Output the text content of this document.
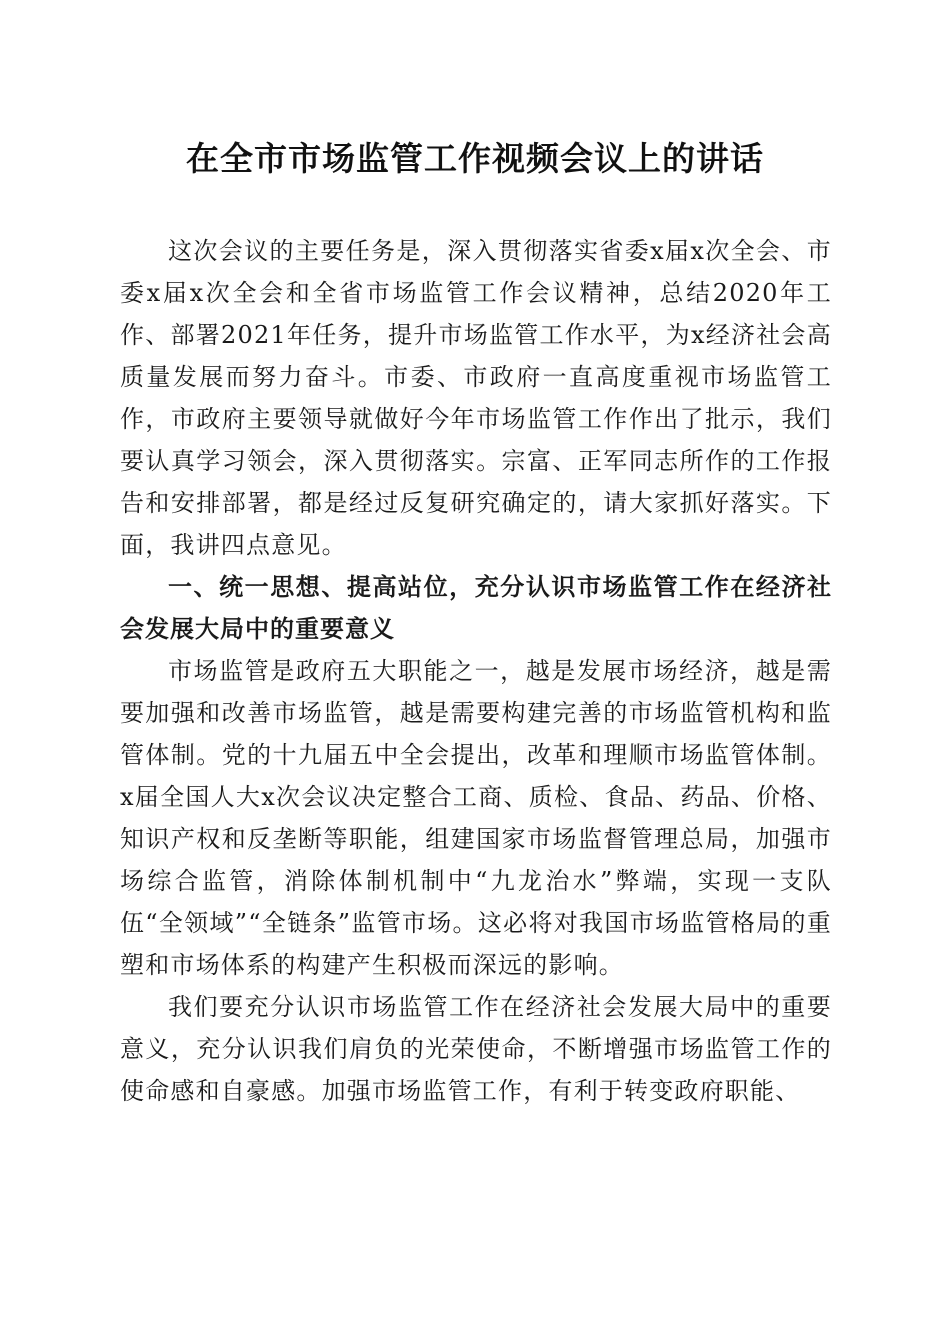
在全市市场监管工作视频会议上的讲话

这次会议的主要任务是，深入贯彻落实省委x届x次全会、市委x届x次全会和全省市场监管工作会议精神，总结2020年工作、部署2021年任务，提升市场监管工作水平，为x经济社会高质量发展而努力奋斗。市委、市政府一直高度重视市场监管工作，市政府主要领导就做好今年市场监管工作作出了批示，我们要认真学习领会，深入贯彻落实。宗富、正军同志所作的工作报告和安排部署，都是经过反复研究确定的，请大家抓好落实。下面，我讲四点意见。

一、统一思想、提高站位，充分认识市场监管工作在经济社会发展大局中的重要意义

市场监管是政府五大职能之一，越是发展市场经济，越是需要加强和改善市场监管，越是需要构建完善的市场监管机构和监管体制。党的十九届五中全会提出，改革和理顺市场监管体制。x届全国人大x次会议决定整合工商、质检、食品、药品、价格、知识产权和反垄断等职能，组建国家市场监督管理总局，加强市场综合监管，消除体制机制中“九龙治水”弊端，实现一支队伍“全领域”“全链条”监管市场。这必将对我国市场监管格局的重塑和市场体系的构建产生积极而深远的影响。

我们要充分认识市场监管工作在经济社会发展大局中的重要意义，充分认识我们肩负的光荣使命，不断增强市场监管工作的使命感和自豪感。加强市场监管工作，有利于转变政府职能、
